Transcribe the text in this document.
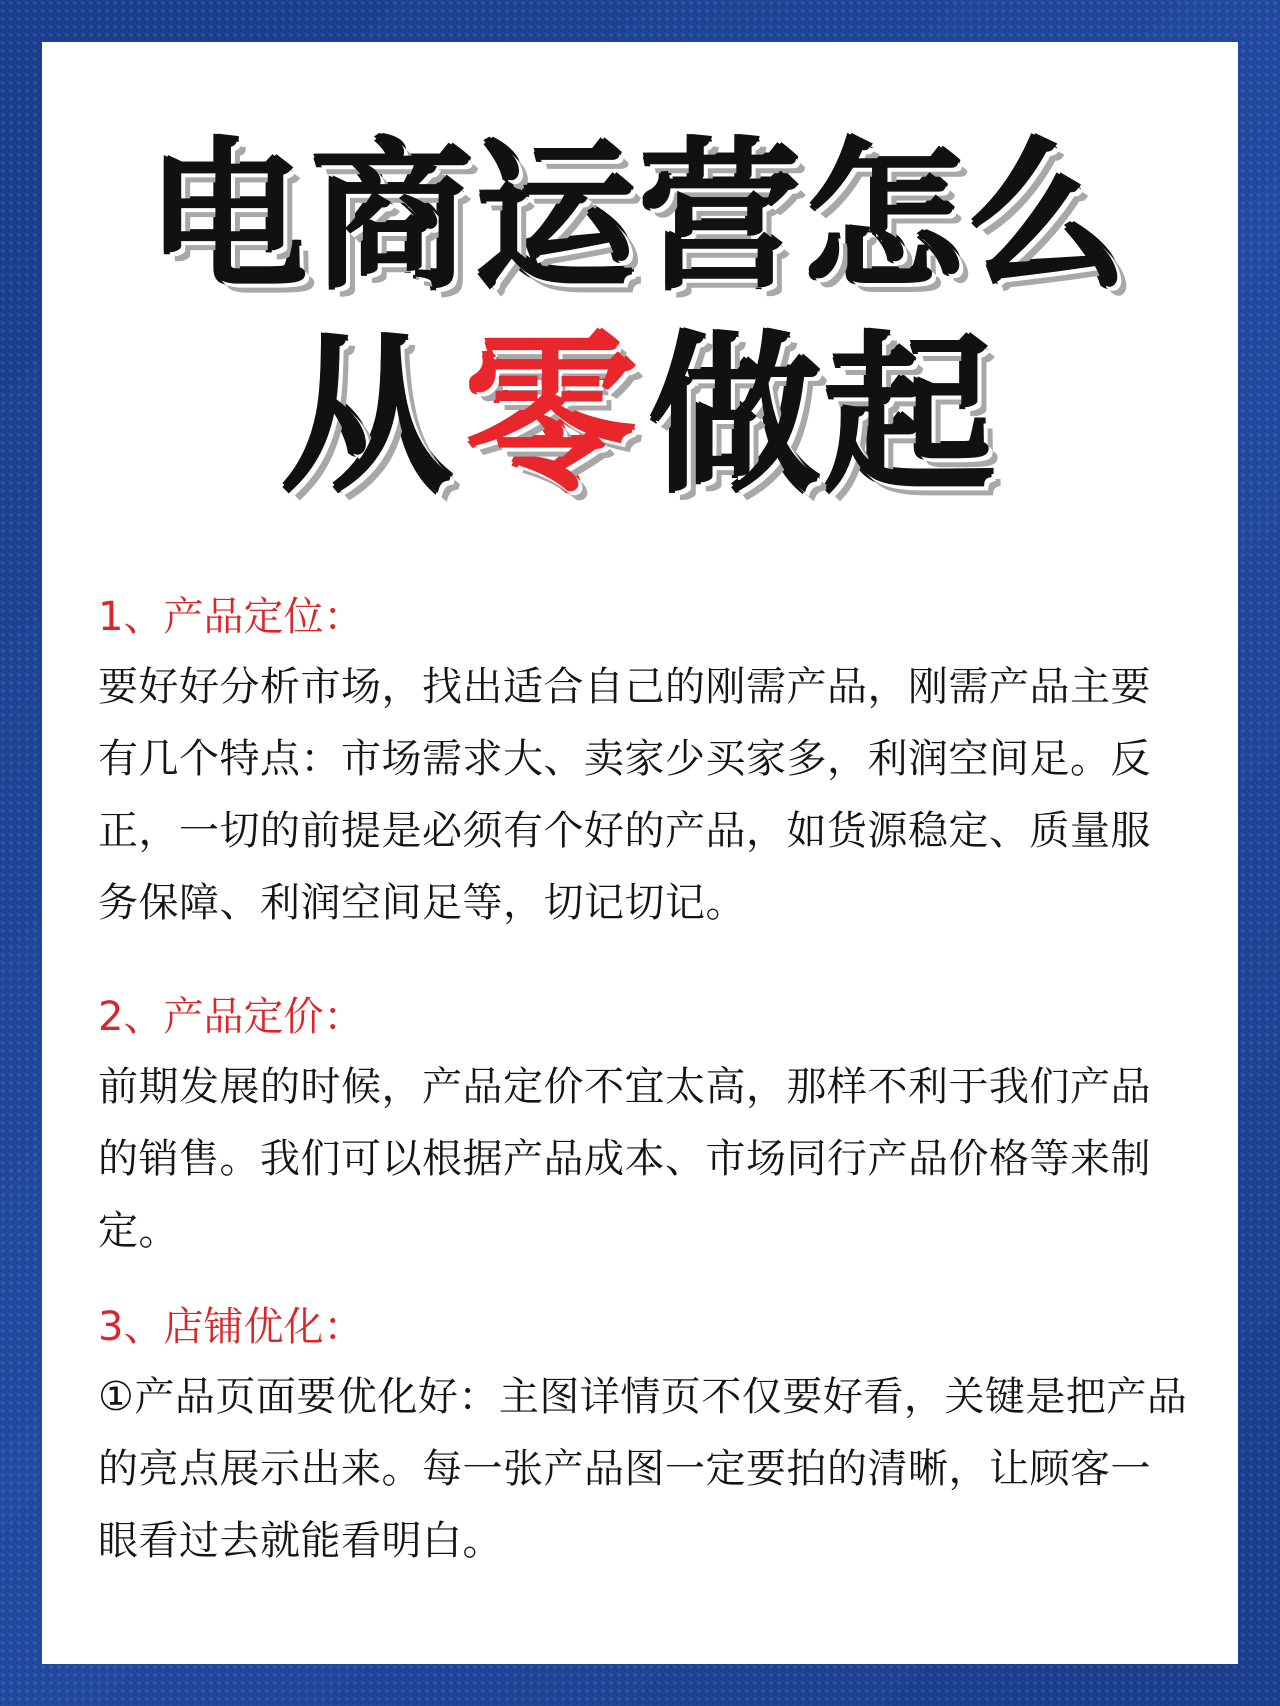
电商运营怎么
从零做起
1、产品定位：
要好好分析市场，找出适合自己的刚需产品，刚需产品主要有几个特点：市场需求大、卖家少买家多，利润空间足。反正，一切的前提是必须有个好的产品，如货源稳定、质量服务保障、利润空间足等，切记切记。
2、产品定价：
前期发展的时候，产品定价不宜太高，那样不利于我们产品的销售。我们可以根据产品成本、市场同行产品价格等来制定。
3、店铺优化：
①产品页面要优化好：主图详情页不仅要好看，关键是把产品的亮点展示出来。每一张产品图一定要拍的清晰，让顾客一眼看过去就能看明白。
